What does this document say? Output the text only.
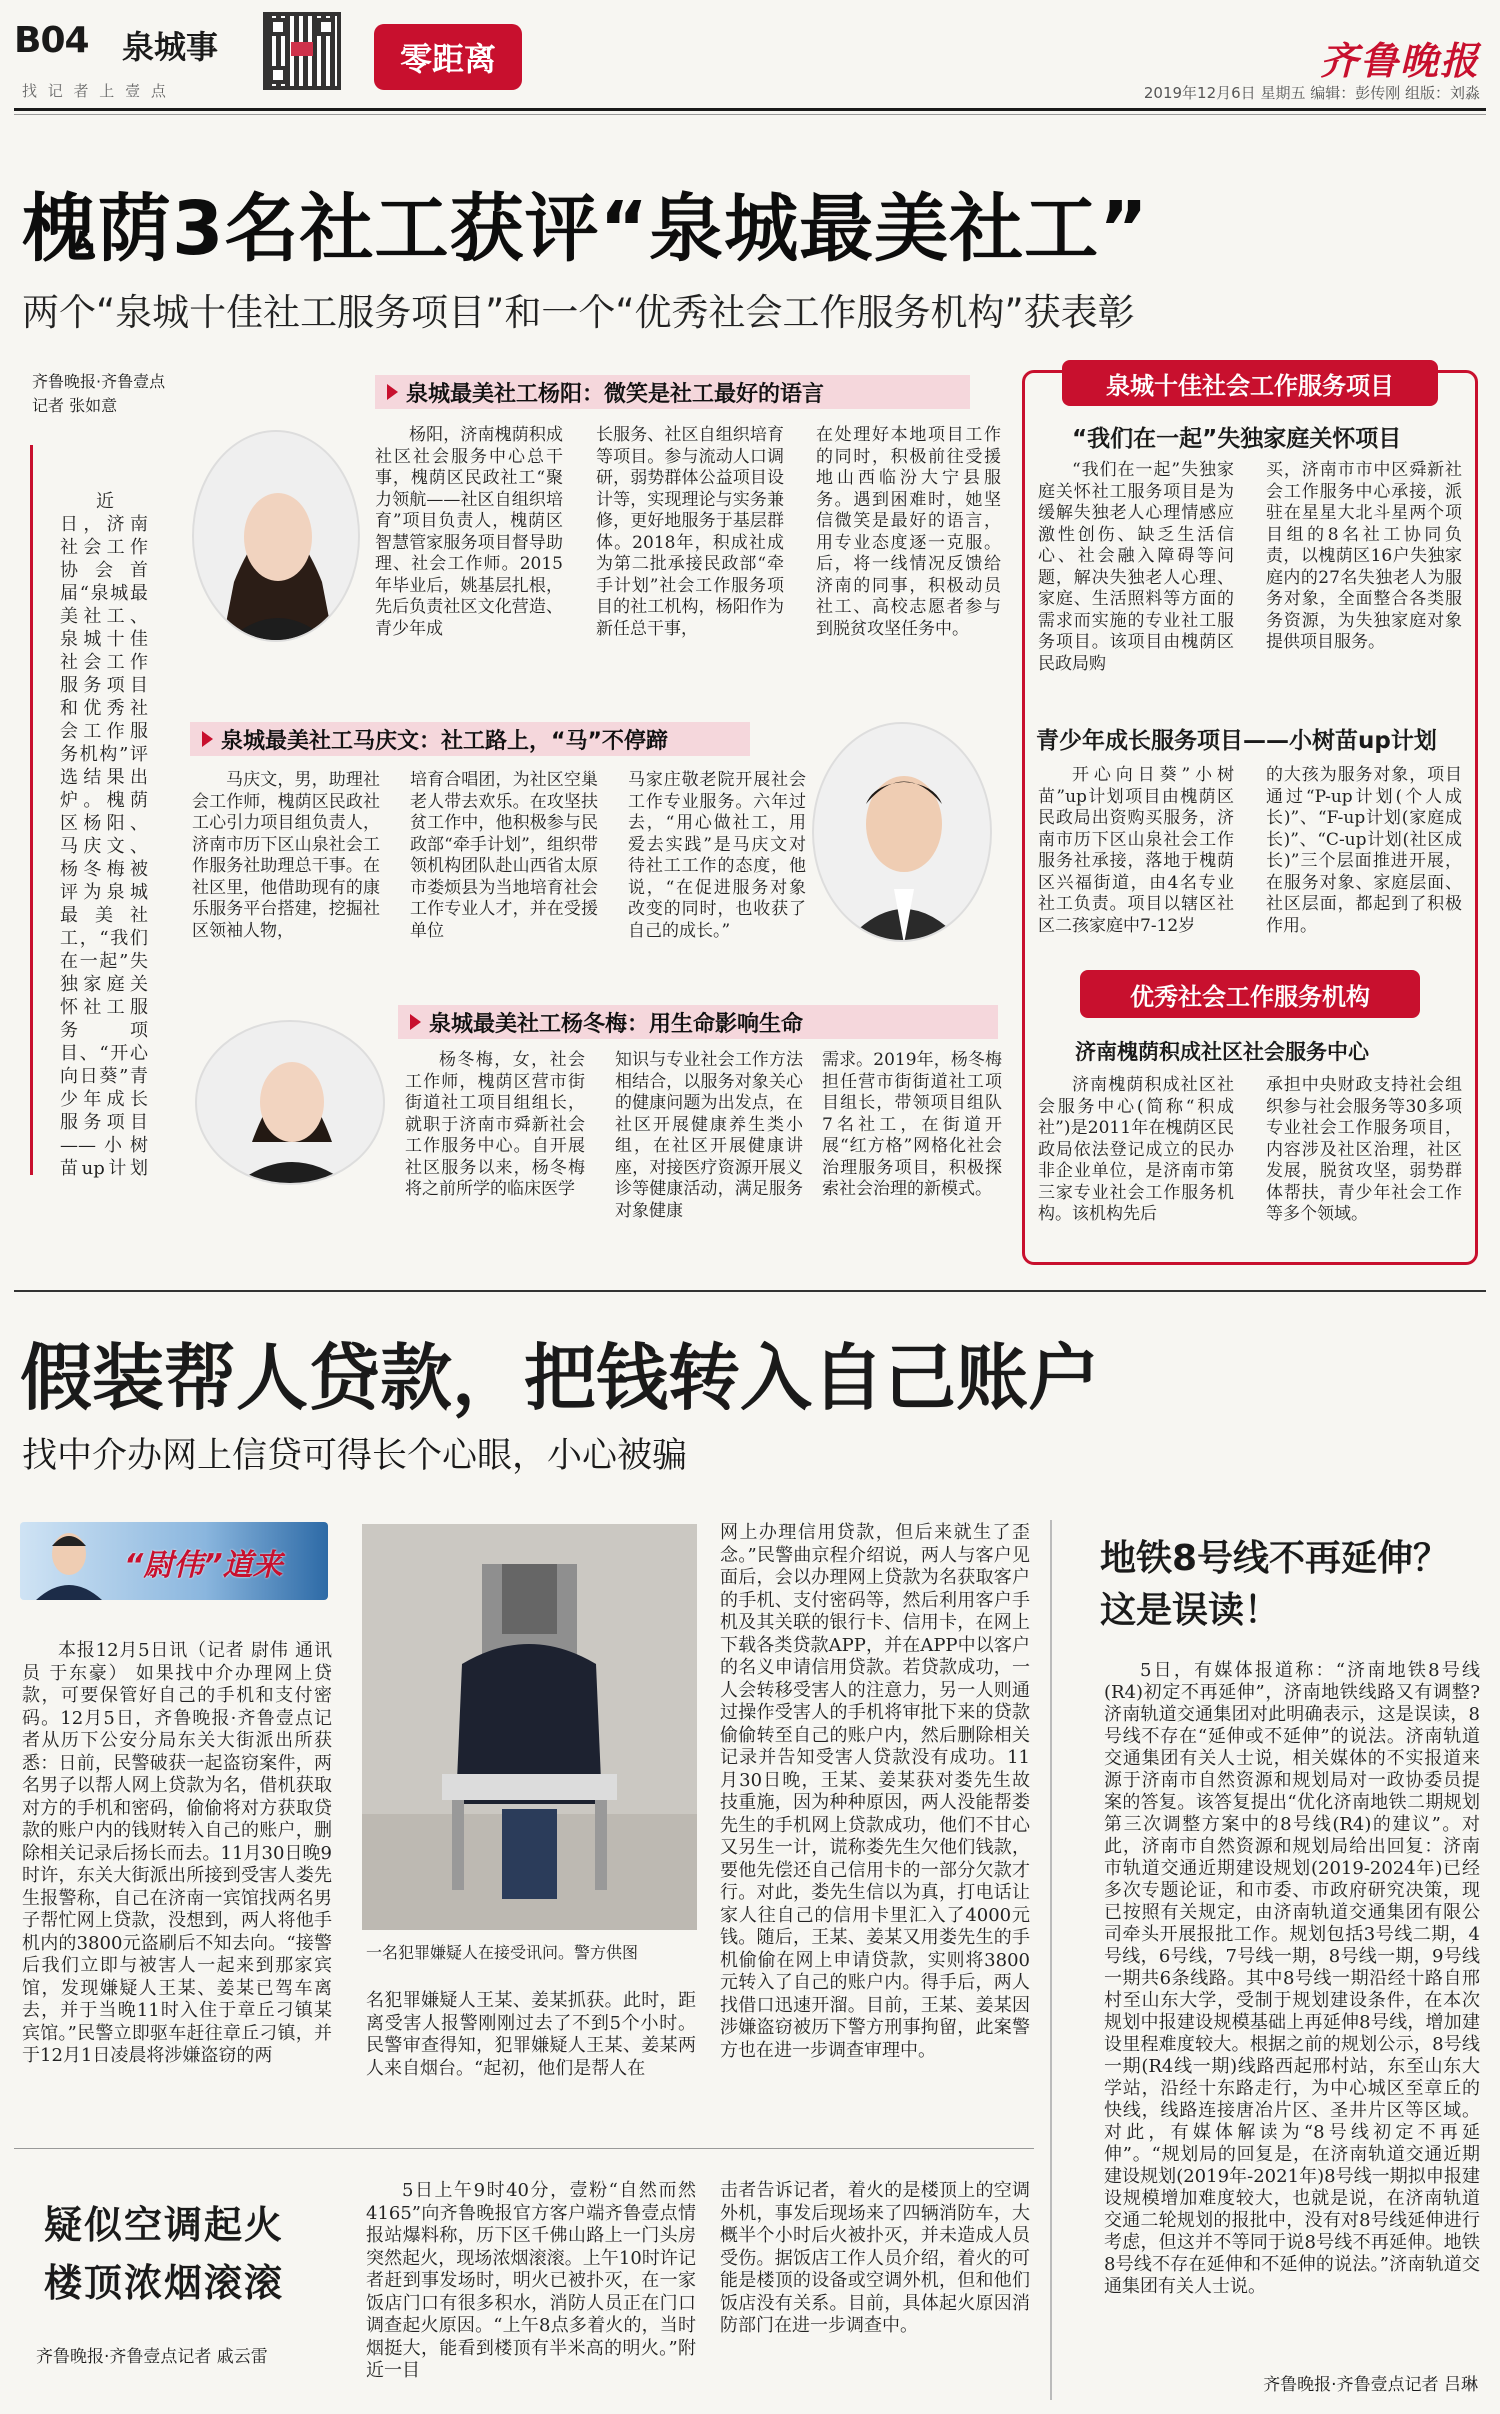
B04 泉城事
找 记 者 上 壹 点
零距离	齐鲁晚报
2019年12月6日 星期五 编辑：彭传刚 组版：刘淼
槐荫3名社工获评“泉城最美社工”
两个“泉城十佳社工服务项目”和一个“优秀社会工作服务机构”获表彰
齐鲁晚报·齐鲁壹点
记者 张如意
近日，济南社会工作协会首届“泉城最美社工、泉城十佳社会工作服务项目和优秀社会工作服务机构”评选结果出炉。槐荫区杨阳、马庆文、杨冬梅被评为泉城最美社工，“我们在一起”失独家庭关怀社工服务项目、“开心向日葵”青少年成长服务项目——小树苗up计划
泉城最美社工杨阳：微笑是社工最好的语言
杨阳，济南槐荫积成社区社会服务中心总干事，槐荫区民政社工“聚力领航——社区自组织培育”项目负责人，槐荫区智慧管家服务项目督导助理、社会工作师。2015年毕业后，姚基层扎根，先后负责社区文化营造、青少年成
长服务、社区自组织培育等项目。参与流动人口调研，弱势群体公益项目设计等，实现理论与实务兼修，更好地服务于基层群体。2018年，积成社成为第二批承接民政部“牵手计划”社会工作服务项目的社工机构，杨阳作为新任总干事，
在处理好本地项目工作的同时，积极前往受援地山西临汾大宁县服务。遇到困难时，她坚信微笑是最好的语言，用专业态度逐一克服。后，将一线情况反馈给济南的同事，积极动员社工、高校志愿者参与到脱贫攻坚任务中。
泉城最美社工马庆文：社工路上，“马”不停蹄
马庆文，男，助理社会工作师，槐荫区民政社工心引力项目组负责人，济南市历下区山泉社会工作服务社助理总干事。在社区里，他借助现有的康乐服务平台搭建，挖掘社区领袖人物，
培育合唱团，为社区空巢老人带去欢乐。在攻坚扶贫工作中，他积极参与民政部“牵手计划”，组织带领机构团队赴山西省太原市娄烦县为当地培育社会工作专业人才，并在受援单位
马家庄敬老院开展社会工作专业服务。六年过去，“用心做社工，用爱去实践”是马庆文对待社工工作的态度，他说，“在促进服务对象改变的同时，也收获了自己的成长。”
泉城最美社工杨冬梅：用生命影响生命
杨冬梅，女，社会工作师，槐荫区营市街街道社工项目组组长，就职于济南市舜新社会工作服务中心。自开展社区服务以来，杨冬梅将之前所学的临床医学
知识与专业社会工作方法相结合，以服务对象关心的健康问题为出发点，在社区开展健康养生类小组，在社区开展健康讲座，对接医疗资源开展义诊等健康活动，满足服务对象健康
需求。2019年，杨冬梅担任营市街街道社工项目组长，带领项目组队7名社工，在街道开展“红方格”网格化社会治理服务项目，积极探索社会治理的新模式。
泉城十佳社会工作服务项目
“我们在一起”失独家庭关怀项目
“我们在一起”失独家庭关怀社工服务项目是为缓解失独老人心理情感应激性创伤、缺乏生活信心、社会融入障碍等问题，解决失独老人心理、家庭、生活照料等方面的需求而实施的专业社工服务项目。该项目由槐荫区民政局购
买，济南市市中区舜新社会工作服务中心承接，派驻在星星大北斗星两个项目组的8名社工协同负责，以槐荫区16户失独家庭内的27名失独老人为服务对象，全面整合各类服务资源，为失独家庭对象提供项目服务。
青少年成长服务项目——小树苗up计划
开心向日葵”小树苗”up计划项目由槐荫区民政局出资购买服务，济南市历下区山泉社会工作服务社承接，落地于槐荫区兴福街道，由4名专业社工负责。项目以辖区社区二孩家庭中7-12岁
的大孩为服务对象，项目通过“P-up计划(个人成长)”、“F-up计划(家庭成长)”、“C-up计划(社区成长)”三个层面推进开展，在服务对象、家庭层面、社区层面，都起到了积极作用。
优秀社会工作服务机构
济南槐荫积成社区社会服务中心
济南槐荫积成社区社会服务中心(简称“积成社”)是2011年在槐荫区民政局依法登记成立的民办非企业单位，是济南市第三家专业社会工作服务机构。该机构先后
承担中央财政支持社会组织参与社会服务等30多项专业社会工作服务项目，内容涉及社区治理，社区发展，脱贫攻坚，弱势群体帮扶，青少年社会工作等多个领域。
假装帮人贷款，把钱转入自己账户
找中介办网上信贷可得长个心眼，小心被骗
“尉伟”道来
本报12月5日讯（记者 尉伟 通讯员 于东豪） 如果找中介办理网上贷款，可要保管好自己的手机和支付密码。12月5日，齐鲁晚报·齐鲁壹点记者从历下公安分局东关大街派出所获悉：日前，民警破获一起盗窃案件，两名男子以帮人网上贷款为名，借机获取对方的手机和密码，偷偷将对方获取贷款的账户内的钱财转入自己的账户，删除相关记录后扬长而去。11月30日晚9时许，东关大街派出所接到受害人娄先生报警称，自己在济南一宾馆找两名男子帮忙网上贷款，没想到，两人将他手机内的3800元盗刷后不知去向。“接警后我们立即与被害人一起来到那家宾馆，发现嫌疑人王某、姜某已驾车离去，并于当晚11时入住于章丘刁镇某宾馆。”民警立即驱车赶往章丘刁镇，并于12月1日凌晨将涉嫌盗窃的两
一名犯罪嫌疑人在接受讯问。警方供图
名犯罪嫌疑人王某、姜某抓获。此时，距离受害人报警刚刚过去了不到5个小时。民警审查得知，犯罪嫌疑人王某、姜某两人来自烟台。“起初，他们是帮人在
网上办理信用贷款，但后来就生了歪念。”民警曲京程介绍说，两人与客户见面后，会以办理网上贷款为名获取客户的手机、支付密码等，然后利用客户手机及其关联的银行卡、信用卡，在网上下载各类贷款APP，并在APP中以客户的名义申请信用贷款。若贷款成功，一人会转移受害人的注意力，另一人则通过操作受害人的手机将审批下来的贷款偷偷转至自己的账户内，然后删除相关记录并告知受害人贷款没有成功。11月30日晚，王某、姜某获对娄先生故技重施，因为种种原因，两人没能帮娄先生的手机网上贷款成功，他们不甘心又另生一计，谎称娄先生欠他们钱款，要他先偿还自己信用卡的一部分欠款才行。对此，娄先生信以为真，打电话让家人往自己的信用卡里汇入了4000元钱。随后，王某、姜某又用娄先生的手机偷偷在网上申请贷款，实则将3800元转入了自己的账户内。得手后，两人找借口迅速开溜。目前，王某、姜某因涉嫌盗窃被历下警方刑事拘留，此案警方也在进一步调查审理中。
地铁8号线不再延伸？
这是误读！
5日，有媒体报道称：“济南地铁8号线(R4)初定不再延伸”，济南地铁线路又有调整?济南轨道交通集团对此明确表示，这是误读，8号线不存在“延伸或不延伸”的说法。济南轨道交通集团有关人士说，相关媒体的不实报道来源于济南市自然资源和规划局对一政协委员提案的答复。该答复提出“优化济南地铁二期规划第三次调整方案中的8号线(R4)的建议”。对此，济南市自然资源和规划局给出回复：济南市轨道交通近期建设规划(2019-2024年)已经多次专题论证，和市委、市政府研究决策，现已按照有关规定，由济南轨道交通集团有限公司牵头开展报批工作。规划包括3号线二期，4号线，6号线，7号线一期，8号线一期，9号线一期共6条线路。其中8号线一期沿经十路自邢村至山东大学，受制于规划建设条件，在本次规划中报建设规模基础上再延伸8号线，增加建设里程难度较大。根据之前的规划公示，8号线一期(R4线一期)线路西起邢村站，东至山东大学站，沿经十东路走行，为中心城区至章丘的快线，线路连接唐冶片区、圣井片区等区域。对此，有媒体解读为“8号线初定不再延伸”。“规划局的回复是，在济南轨道交通近期建设规划(2019年-2021年)8号线一期拟申报建设规模增加难度较大，也就是说，在济南轨道交通二轮规划的报批中，没有对8号线延伸进行考虑，但这并不等同于说8号线不再延伸。地铁8号线不存在延伸和不延伸的说法。”济南轨道交通集团有关人士说。
齐鲁晚报·齐鲁壹点记者 吕琳
疑似空调起火
楼顶浓烟滚滚
齐鲁晚报·齐鲁壹点记者 戚云雷
5日上午9时40分，壹粉“自然而然4165”向齐鲁晚报官方客户端齐鲁壹点情报站爆料称，历下区千佛山路上一门头房突然起火，现场浓烟滚滚。上午10时许记者赶到事发场时，明火已被扑灭，在一家饭店门口有很多积水，消防人员正在门口调查起火原因。“上午8点多着火的，当时烟挺大，能看到楼顶有半米高的明火。”附近一目
击者告诉记者，着火的是楼顶上的空调外机，事发后现场来了四辆消防车，大概半个小时后火被扑灭，并未造成人员受伤。据饭店工作人员介绍，着火的可能是楼顶的设备或空调外机，但和他们饭店没有关系。目前，具体起火原因消防部门在进一步调查中。
